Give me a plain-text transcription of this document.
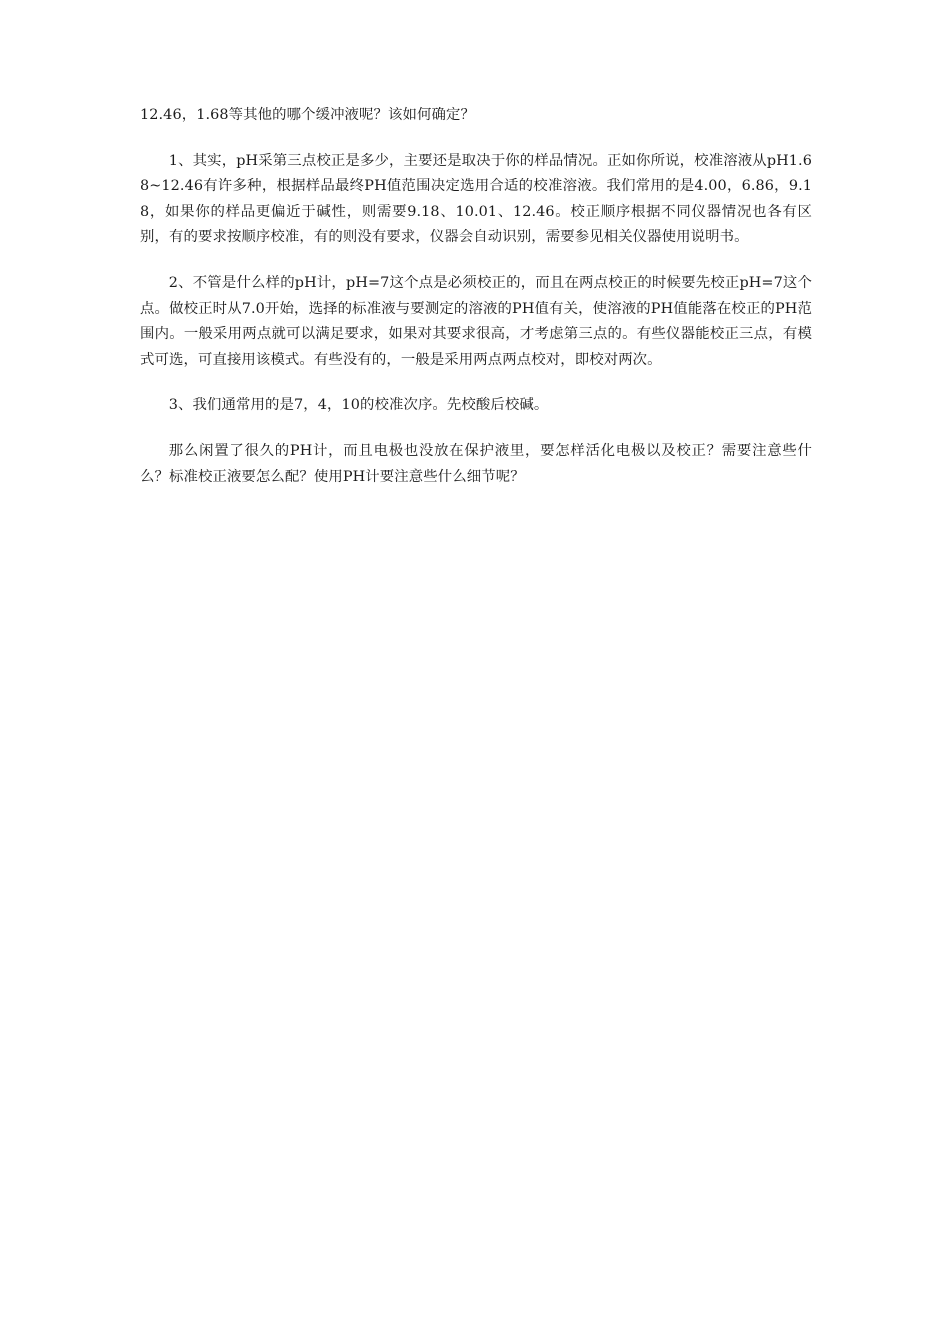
12.46，1.68等其他的哪个缓冲液呢？该如何确定？

1、其实，pH采第三点校正是多少，主要还是取决于你的样品情况。正如你所说，校准溶液从pH1.68~12.46有许多种，根据样品最终PH值范围决定选用合适的校准溶液。我们常用的是4.00，6.86，9.18，如果你的样品更偏近于碱性，则需要9.18、10.01、12.46。校正顺序根据不同仪器情况也各有区别，有的要求按顺序校准，有的则没有要求，仪器会自动识别，需要参见相关仪器使用说明书。

2、不管是什么样的pH计，pH=7这个点是必须校正的，而且在两点校正的时候要先校正pH=7这个点。做校正时从7.0开始，选择的标准液与要测定的溶液的PH值有关，使溶液的PH值能落在校正的PH范围内。一般采用两点就可以满足要求，如果对其要求很高，才考虑第三点的。有些仪器能校正三点，有模式可选，可直接用该模式。有些没有的，一般是采用两点两点校对，即校对两次。

3、我们通常用的是7，4，10的校准次序。先校酸后校碱。

那么闲置了很久的PH计，而且电极也没放在保护液里，要怎样活化电极以及校正？需要注意些什么？标准校正液要怎么配？使用PH计要注意些什么细节呢？
